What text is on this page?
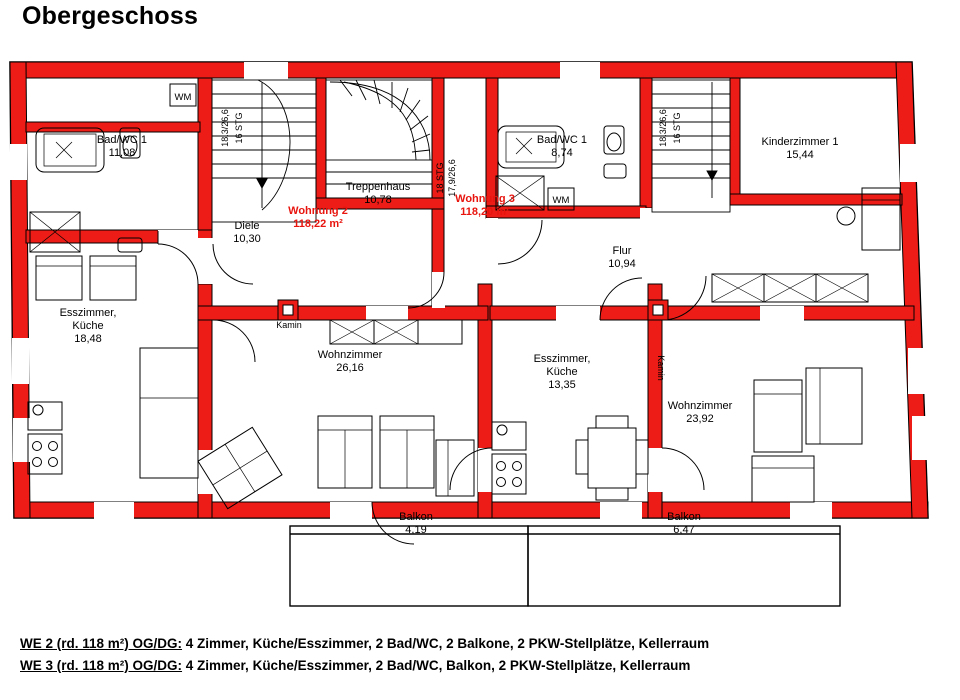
Obergeschoss
Bad/WC 1
11,08
Esszimmer,
Küche
18,48
Diele
10,30
Treppenhaus
10,78
Wohnzimmer
26,16
Bad/WC 1
8,74
Esszimmer,
Küche
13,35
Flur
10,94
Kinderzimmer 1
15,44
Wohnzimmer
23,92
Balkon
4,19
Balkon
6,47
Wohnung 2
118,22 m²
Wohnung 3
118,20 m²
WM
WM
Kamin
Kamin
18.3/26,6 16 STG
18 STG 17,9/26,6
18.3/26,6 16 STG
WE 2 (rd. 118 m²) OG/DG: 4 Zimmer, Küche/Esszimmer, 2 Bad/WC, 2 Balkone, 2 PKW-Stellplätze, Kellerraum
WE 3 (rd. 118 m²) OG/DG: 4 Zimmer, Küche/Esszimmer, 2 Bad/WC, Balkon, 2 PKW-Stellplätze, Kellerraum
